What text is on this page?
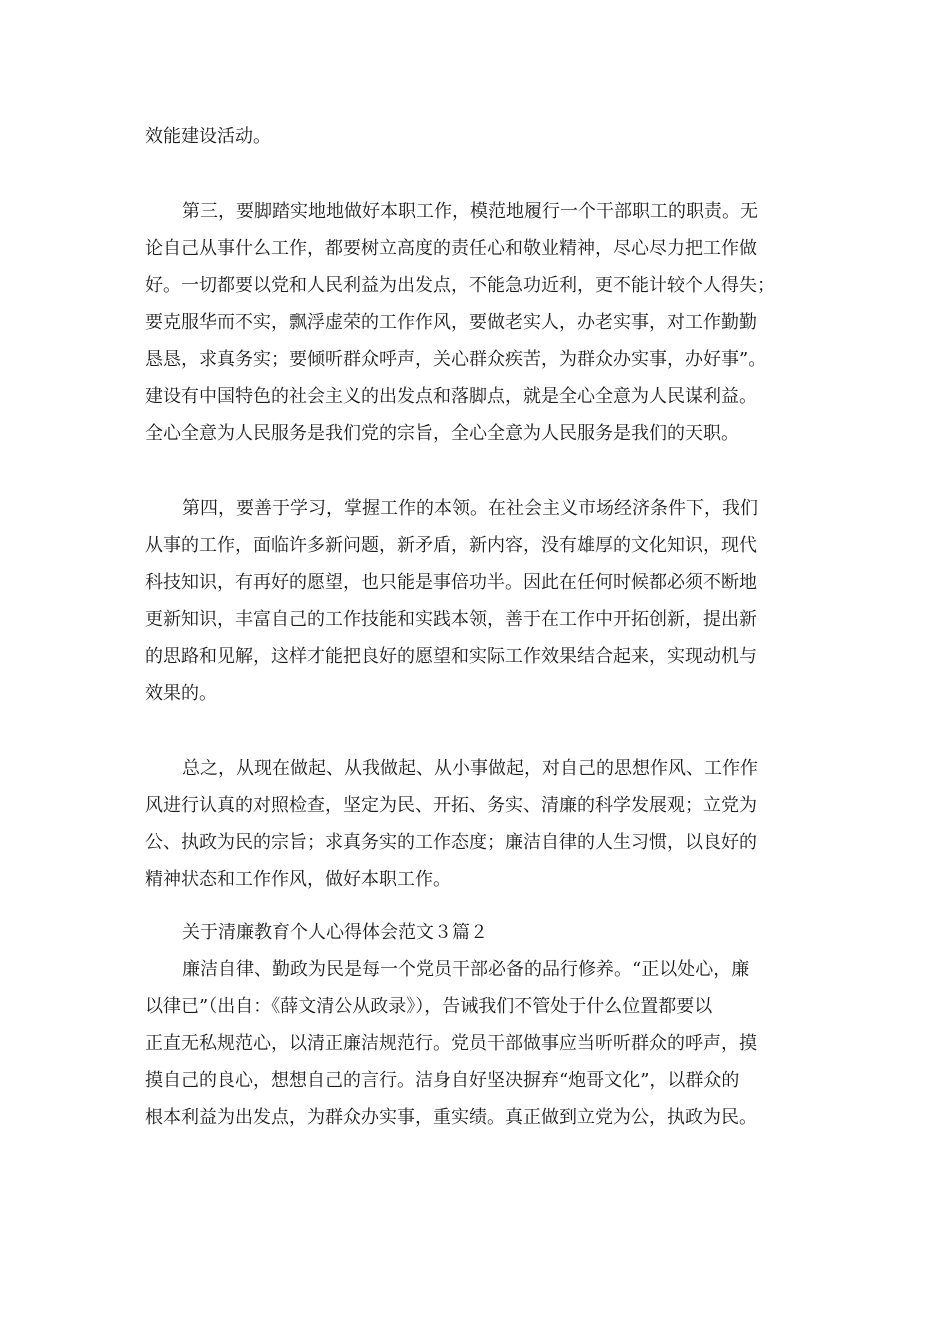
效能建设活动。
第三，要脚踏实地地做好本职工作，模范地履行一个干部职工的职责。无
论自己从事什么工作，都要树立高度的责任心和敬业精神，尽心尽力把工作做
好。一切都要以党和人民利益为出发点，不能急功近利，更不能计较个人得失；
要克服华而不实，飘浮虚荣的工作作风，要做老实人，办老实事，对工作勤勤
恳恳，求真务实；要倾听群众呼声，关心群众疾苦，为群众办实事，办好事”。
建设有中国特色的社会主义的出发点和落脚点，就是全心全意为人民谋利益。
全心全意为人民服务是我们党的宗旨，全心全意为人民服务是我们的天职。
第四，要善于学习，掌握工作的本领。在社会主义市场经济条件下，我们
从事的工作，面临许多新问题，新矛盾，新内容，没有雄厚的文化知识，现代
科技知识，有再好的愿望，也只能是事倍功半。因此在任何时候都必须不断地
更新知识，丰富自己的工作技能和实践本领，善于在工作中开拓创新，提出新
的思路和见解，这样才能把良好的愿望和实际工作效果结合起来，实现动机与
效果的。
总之，从现在做起、从我做起、从小事做起，对自己的思想作风、工作作
风进行认真的对照检查，坚定为民、开拓、务实、清廉的科学发展观；立党为
公、执政为民的宗旨；求真务实的工作态度；廉洁自律的人生习惯，以良好的
精神状态和工作作风，做好本职工作。
关于清廉教育个人心得体会范文３篇２
廉洁自律、勤政为民是每一个党员干部必备的品行修养。“正以处心，廉
以律已”（出自：《薛文清公从政录》），告诫我们不管处于什么位置都要以
正直无私规范心，以清正廉洁规范行。党员干部做事应当听听群众的呼声，摸
摸自己的良心，想想自己的言行。洁身自好坚决摒弃“炮哥文化”，以群众的
根本利益为出发点，为群众办实事，重实绩。真正做到立党为公，执政为民。
